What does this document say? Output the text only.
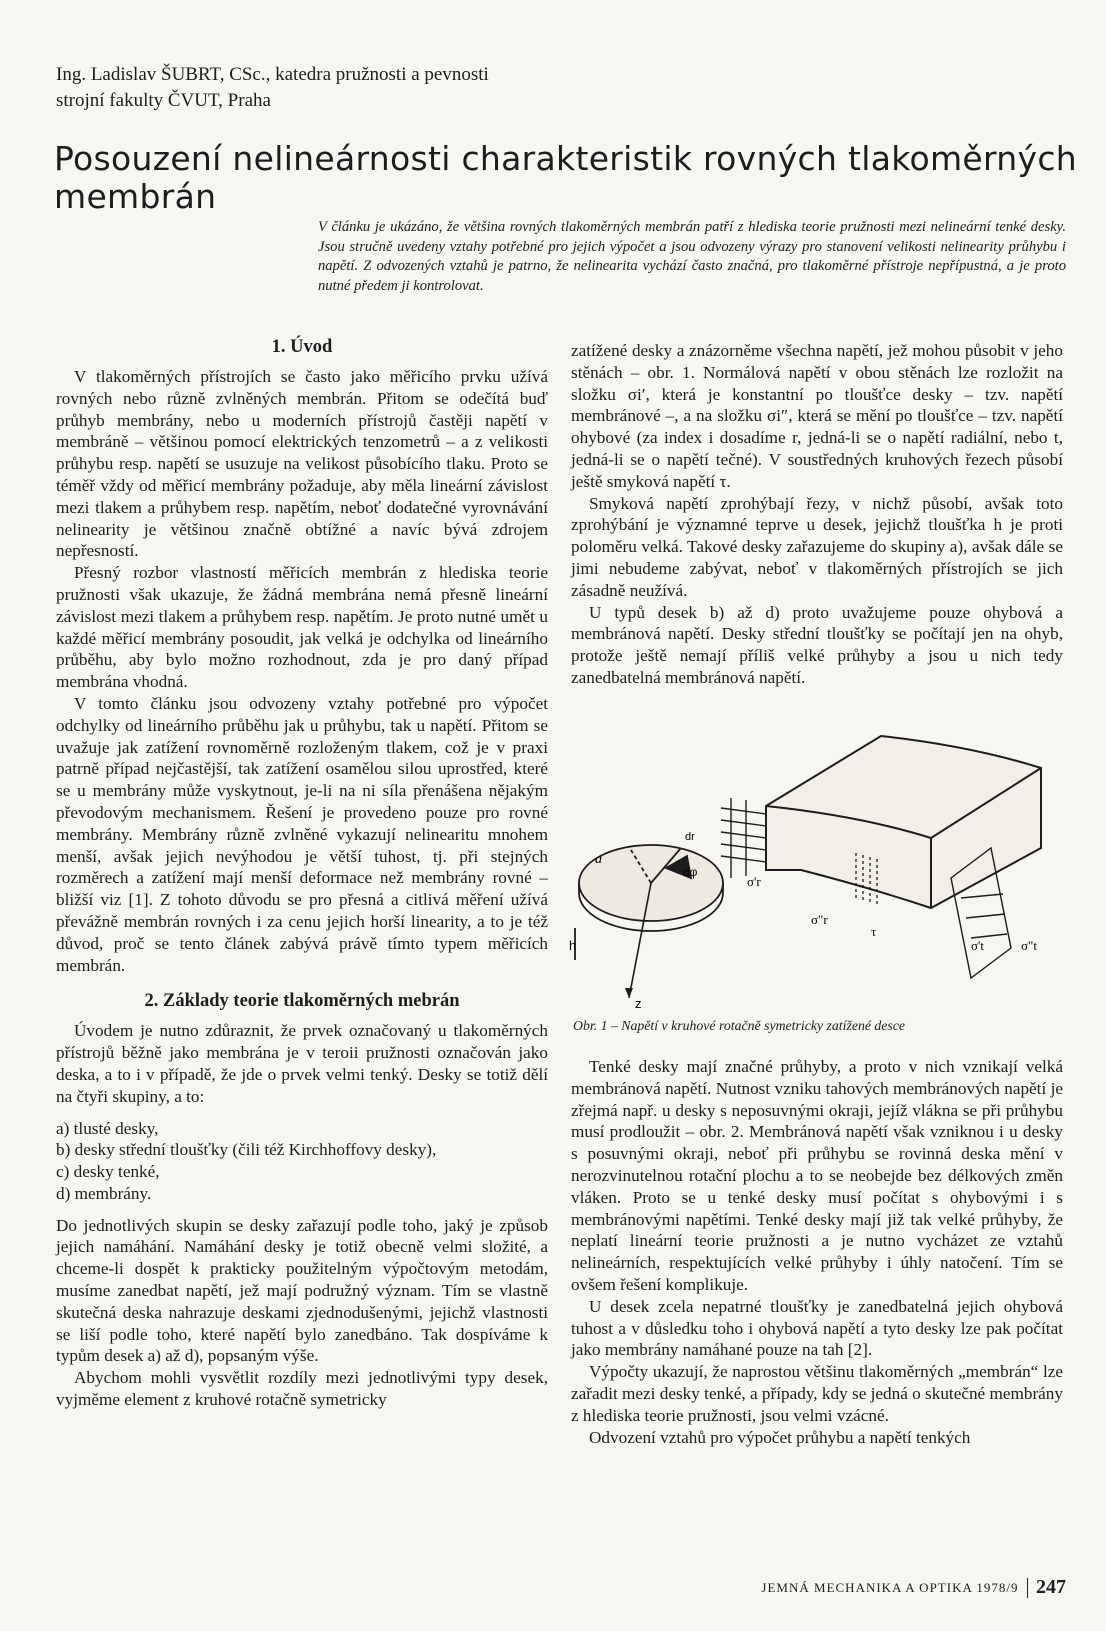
Ing. Ladislav ŠUBRT, CSc., katedra pružnosti a pevnosti
strojní fakulty ČVUT, Praha
Posouzení nelineárnosti charakteristik rovných tlakoměrných membrán
V článku je ukázáno, že většina rovných tlakoměrných membrán patří z hlediska teorie pružnosti mezi nelineární tenké desky. Jsou stručně uvedeny vztahy potřebné pro jejich výpočet a jsou odvozeny výrazy pro stanovení velikosti nelinearity průhybu i napětí. Z odvozených vztahů je patrno, že nelinearita vychází často značná, pro tlakoměrné přístroje nepřípustná, a je proto nutné předem ji kontrolovat.
1. Úvod

V tlakoměrných přístrojích se často jako měřicího prvku užívá rovných nebo různě zvlněných membrán. Přitom se odečítá buď průhyb membrány, nebo u moderních přístrojů častěji napětí v membráně – většinou pomocí elektrických tenzometrů – a z velikosti průhybu resp. napětí se usuzuje na velikost působícího tlaku. Proto se téměř vždy od měřicí membrány požaduje, aby měla lineární závislost mezi tlakem a průhybem resp. napětím, neboť dodatečné vyrovnávání nelinearity je většinou značně obtížné a navíc bývá zdrojem nepřesností.

Přesný rozbor vlastností měřicích membrán z hlediska teorie pružnosti však ukazuje, že žádná membrána nemá přesně lineární závislost mezi tlakem a průhybem resp. napětím. Je proto nutné umět u každé měřicí membrány posoudit, jak velká je odchylka od lineárního průběhu, aby bylo možno rozhodnout, zda je pro daný případ membrána vhodná.

V tomto článku jsou odvozeny vztahy potřebné pro výpočet odchylky od lineárního průběhu jak u průhybu, tak u napětí. Přitom se uvažuje jak zatížení rovnoměrně rozloženým tlakem, což je v praxi patrně případ nejčastější, tak zatížení osamělou silou uprostřed, které se u membrány může vyskytnout, je-li na ni síla přenášena nějakým převodovým mechanismem. Řešení je provedeno pouze pro rovné membrány. Membrány různě zvlněné vykazují nelinearitu mnohem menší, avšak jejich nevýhodou je větší tuhost, tj. při stejných rozměrech a zatížení mají menší deformace než membrány rovné – bližší viz [1]. Z tohoto důvodu se pro přesná a citlivá měření užívá převážně membrán rovných i za cenu jejich horší linearity, a to je též důvod, proč se tento článek zabývá právě tímto typem měřicích membrán.

2. Základy teorie tlakoměrných mebrán

Úvodem je nutno zdůraznit, že prvek označovaný u tlakoměrných přístrojů běžně jako membrána je v teroii pružnosti označován jako deska, a to i v případě, že jde o prvek velmi tenký. Desky se totiž dělí na čtyři skupiny, a to:

a) tlusté desky,
b) desky střední tloušťky (čili též Kirchhoffovy desky),
c) desky tenké,
d) membrány.

Do jednotlivých skupin se desky zařazují podle toho, jaký je způsob jejich namáhání. Namáhání desky je totiž obecně velmi složité, a chceme-li dospět k prakticky použitelným výpočtovým metodám, musíme zanedbat napětí, jež mají podružný význam. Tím se vlastně skutečná deska nahrazuje deskami zjednodušenými, jejichž vlastnosti se liší podle toho, které napětí bylo zanedbáno. Tak dospíváme k typům desek a) až d), popsaným výše.

Abychom mohli vysvětlit rozdíly mezi jednotlivými typy desek, vyjměme element z kruhové rotačně symetricky

zatížené desky a znázorněme všechna napětí, jež mohou působit v jeho stěnách – obr. 1. Normálová napětí v obou stěnách lze rozložit na složku σi′, která je konstantní po tloušťce desky – tzv. napětí membránové –, a na složku σi″, která se mění po tloušťce – tzv. napětí ohybové (za index i dosadíme r, jedná-li se o napětí radiální, nebo t, jedná-li se o napětí tečné). V soustředných kruhových řezech působí ještě smyková napětí τ.

Smyková napětí zprohýbají řezy, v nichž působí, avšak toto zprohýbání je významné teprve u desek, jejichž tloušťka h je proti poloměru velká. Takové desky zařazujeme do skupiny a), avšak dále se jimi nebudeme zabývat, neboť v tlakoměrných přístrojích se jich zásadně neužívá.

U typů desek b) až d) proto uvažujeme pouze ohybová a membránová napětí. Desky střední tloušťky se počítají jen na ohyb, protože ještě nemají příliš velké průhyby a jsou u nich tedy zanedbatelná membránová napětí.

a
dr
dφ
h
z
σ'r
σ"r
τ
σ't	σ"t
Obr. 1 – Napětí v kruhové rotačně symetricky zatížené desce

Tenké desky mají značné průhyby, a proto v nich vznikají velká membránová napětí. Nutnost vzniku tahových membránových napětí je zřejmá např. u desky s neposuvnými okraji, jejíž vlákna se při průhybu musí prodloužit – obr. 2. Membránová napětí však vzniknou i u desky s posuvnými okraji, neboť při průhybu se rovinná deska mění v nerozvinutelnou rotační plochu a to se neobejde bez délkových změn vláken. Proto se u tenké desky musí počítat s ohybovými i s membránovými napětími. Tenké desky mají již tak velké průhyby, že neplatí lineární teorie pružnosti a je nutno vycházet ze vztahů nelineárních, respektujících velké průhyby i úhly natočení. Tím se ovšem řešení komplikuje.

U desek zcela nepatrné tloušťky je zanedbatelná jejich ohybová tuhost a v důsledku toho i ohybová napětí a tyto desky lze pak počítat jako membrány namáhané pouze na tah [2].

Výpočty ukazují, že naprostou většinu tlakoměrných „membrán“ lze zařadit mezi desky tenké, a případy, kdy se jedná o skutečné membrány z hlediska teorie pružnosti, jsou velmi vzácné.

Odvození vztahů pro výpočet průhybu a napětí tenkých

JEMNÁ MECHANIKA A OPTIKA 1978/9 247
